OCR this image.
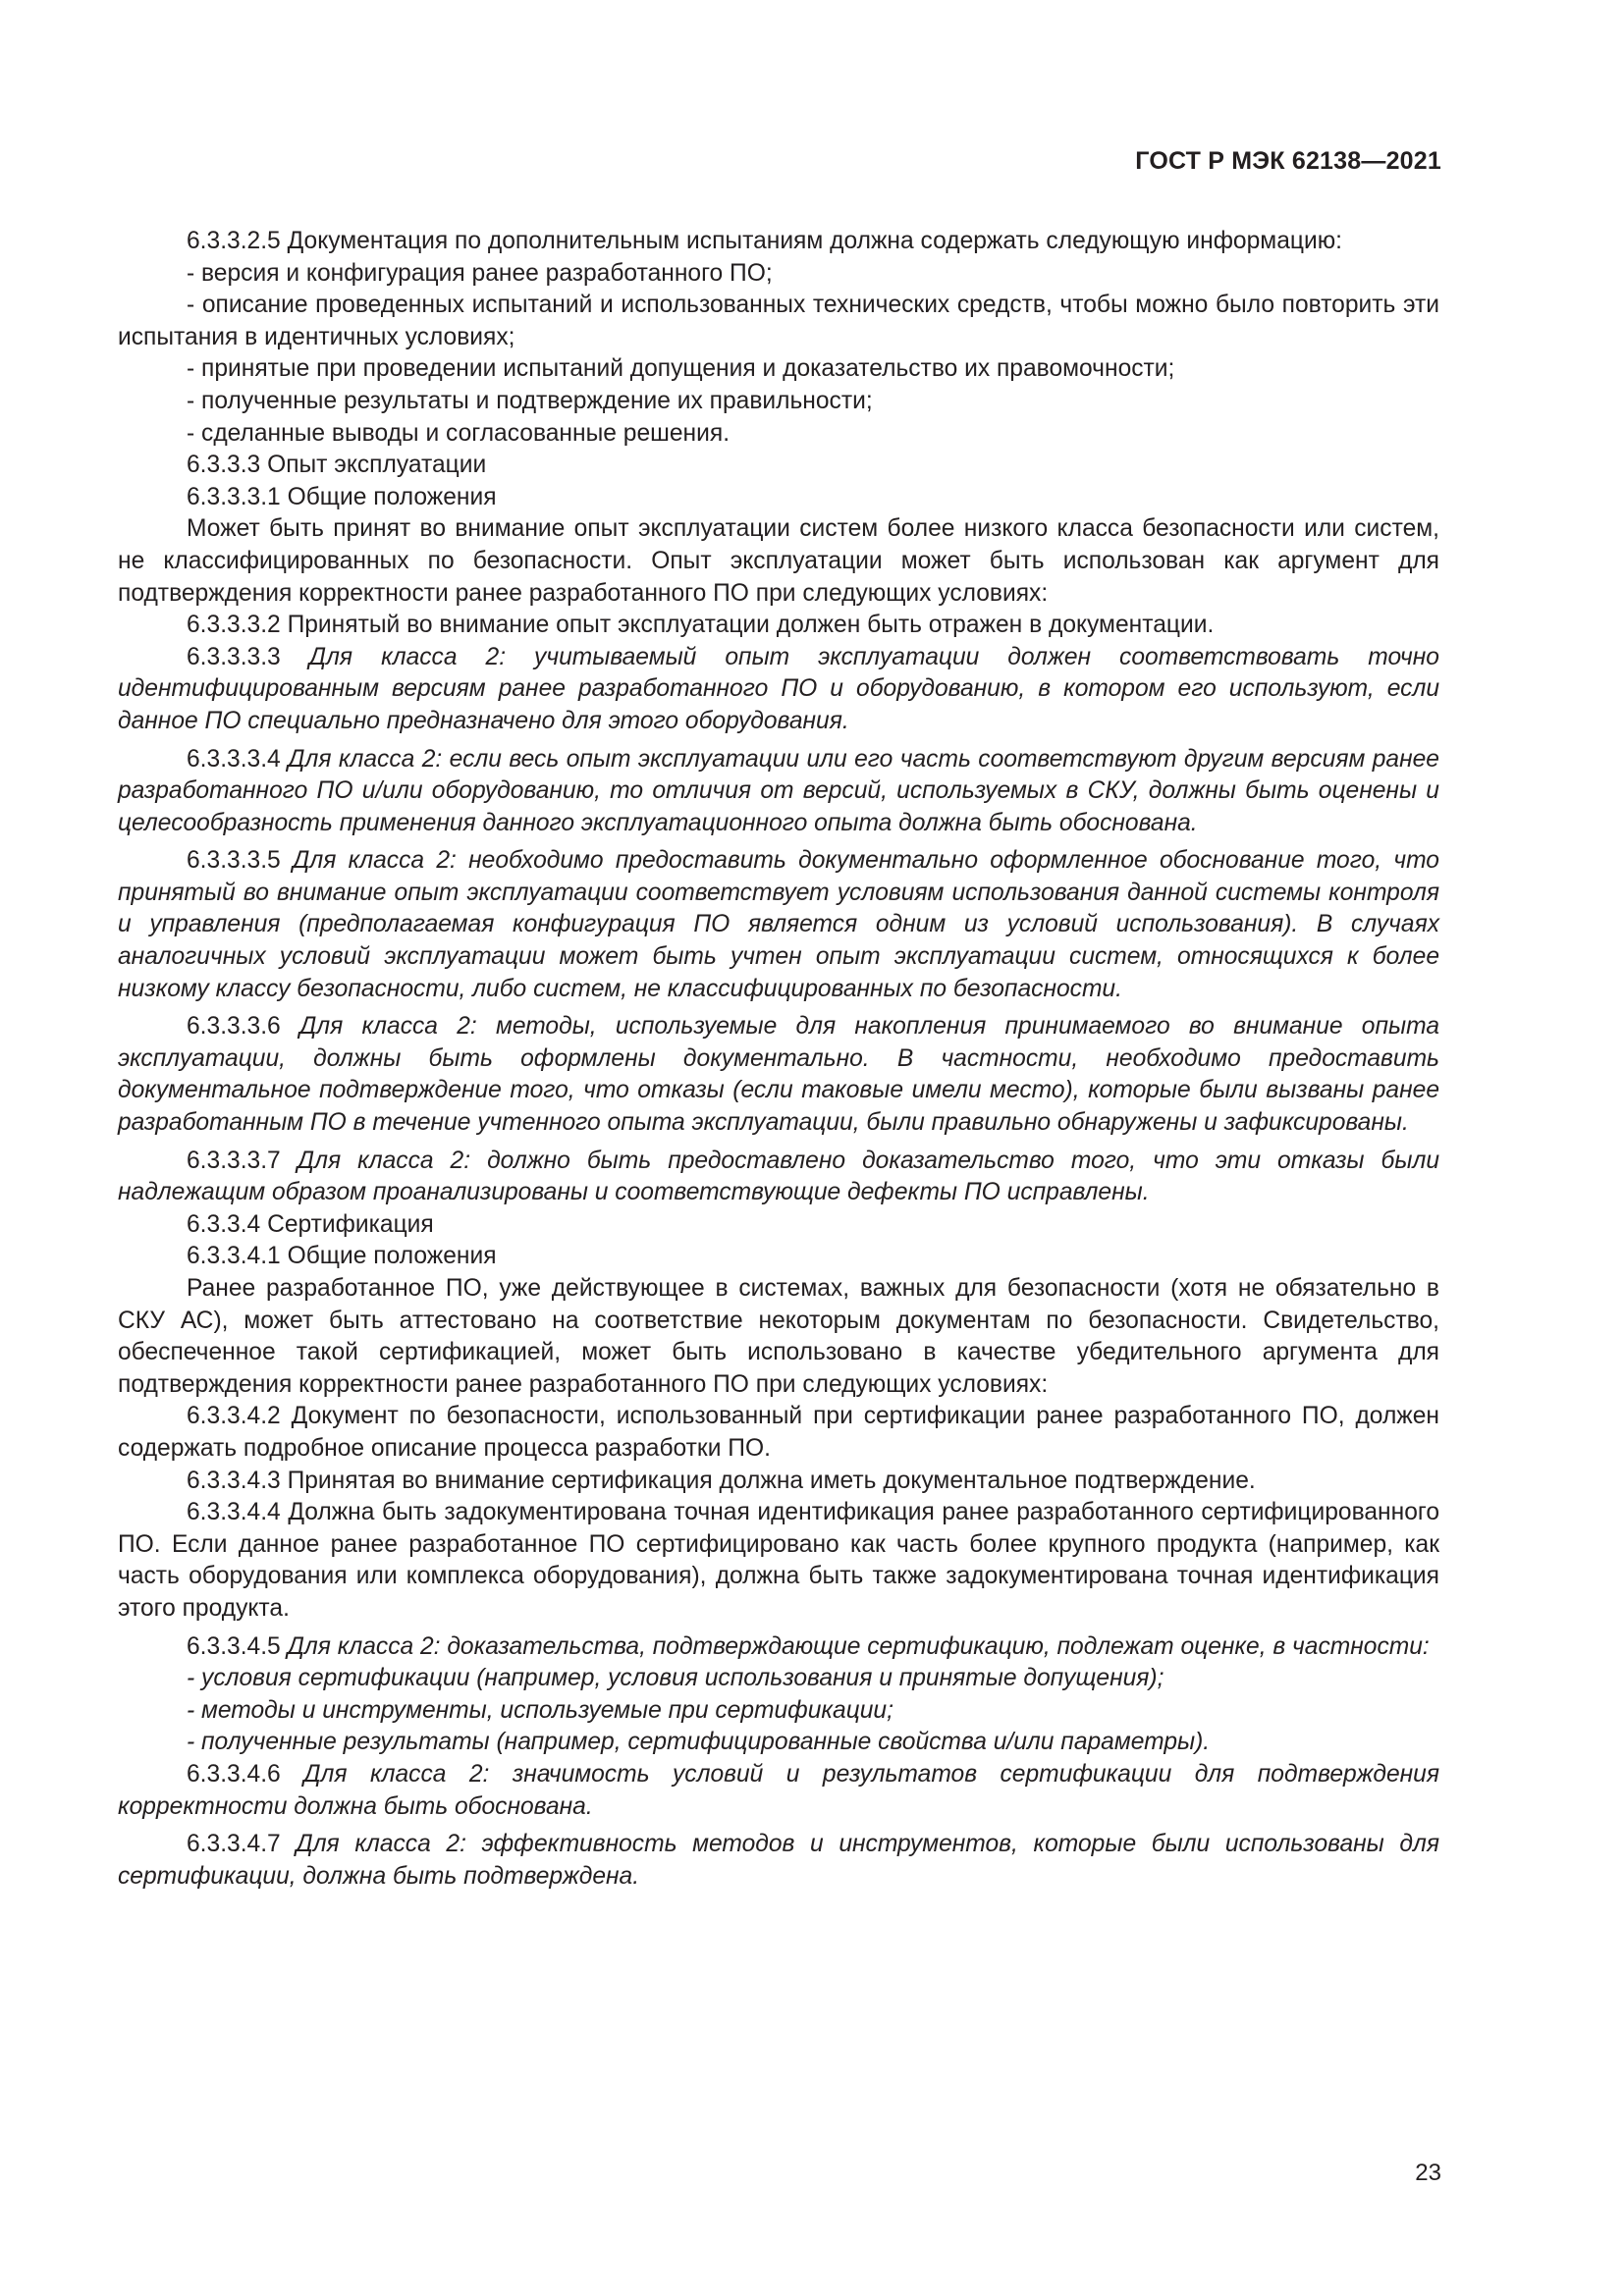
ГОСТ Р МЭК 62138—2021

6.3.3.2.5 Документация по дополнительным испытаниям должна содержать следующую информацию:

- версия и конфигурация ранее разработанного ПО;

- описание проведенных испытаний и использованных технических средств, чтобы можно было повторить эти испытания в идентичных условиях;

- принятые при проведении испытаний допущения и доказательство их правомочности;

- полученные результаты и подтверждение их правильности;

- сделанные выводы и согласованные решения.

6.3.3.3 Опыт эксплуатации

6.3.3.3.1 Общие положения

Может быть принят во внимание опыт эксплуатации систем более низкого класса безопасности или систем, не классифицированных по безопасности. Опыт эксплуатации может быть использован как аргумент для подтверждения корректности ранее разработанного ПО при следующих условиях:

6.3.3.3.2 Принятый во внимание опыт эксплуатации должен быть отражен в документации.

6.3.3.3.3 Для класса 2: учитываемый опыт эксплуатации должен соответствовать точно идентифицированным версиям ранее разработанного ПО и оборудованию, в котором его используют, если данное ПО специально предназначено для этого оборудования.

6.3.3.3.4 Для класса 2: если весь опыт эксплуатации или его часть соответствуют другим версиям ранее разработанного ПО и/или оборудованию, то отличия от версий, используемых в СКУ, должны быть оценены и целесообразность применения данного эксплуатационного опыта должна быть обоснована.

6.3.3.3.5 Для класса 2: необходимо предоставить документально оформленное обоснование того, что принятый во внимание опыт эксплуатации соответствует условиям использования данной системы контроля и управления (предполагаемая конфигурация ПО является одним из условий использования). В случаях аналогичных условий эксплуатации может быть учтен опыт эксплуатации систем, относящихся к более низкому классу безопасности, либо систем, не классифицированных по безопасности.

6.3.3.3.6 Для класса 2: методы, используемые для накопления принимаемого во внимание опыта эксплуатации, должны быть оформлены документально. В частности, необходимо предоставить документальное подтверждение того, что отказы (если таковые имели место), которые были вызваны ранее разработанным ПО в течение учтенного опыта эксплуатации, были правильно обнаружены и зафиксированы.

6.3.3.3.7 Для класса 2: должно быть предоставлено доказательство того, что эти отказы были надлежащим образом проанализированы и соответствующие дефекты ПО исправлены.

6.3.3.4 Сертификация

6.3.3.4.1 Общие положения

Ранее разработанное ПО, уже действующее в системах, важных для безопасности (хотя не обязательно в СКУ АС), может быть аттестовано на соответствие некоторым документам по безопасности. Свидетельство, обеспеченное такой сертификацией, может быть использовано в качестве убедительного аргумента для подтверждения корректности ранее разработанного ПО при следующих условиях:

6.3.3.4.2 Документ по безопасности, использованный при сертификации ранее разработанного ПО, должен содержать подробное описание процесса разработки ПО.

6.3.3.4.3 Принятая во внимание сертификация должна иметь документальное подтверждение.

6.3.3.4.4 Должна быть задокументирована точная идентификация ранее разработанного сертифицированного ПО. Если данное ранее разработанное ПО сертифицировано как часть более крупного продукта (например, как часть оборудования или комплекса оборудования), должна быть также задокументирована точная идентификация этого продукта.

6.3.3.4.5 Для класса 2: доказательства, подтверждающие сертификацию, подлежат оценке, в частности:

- условия сертификации (например, условия использования и принятые допущения);

- методы и инструменты, используемые при сертификации;

- полученные результаты (например, сертифицированные свойства и/или параметры).

6.3.3.4.6 Для класса 2: значимость условий и результатов сертификации для подтверждения корректности должна быть обоснована.

6.3.3.4.7 Для класса 2: эффективность методов и инструментов, которые были использованы для сертификации, должна быть подтверждена.

23
